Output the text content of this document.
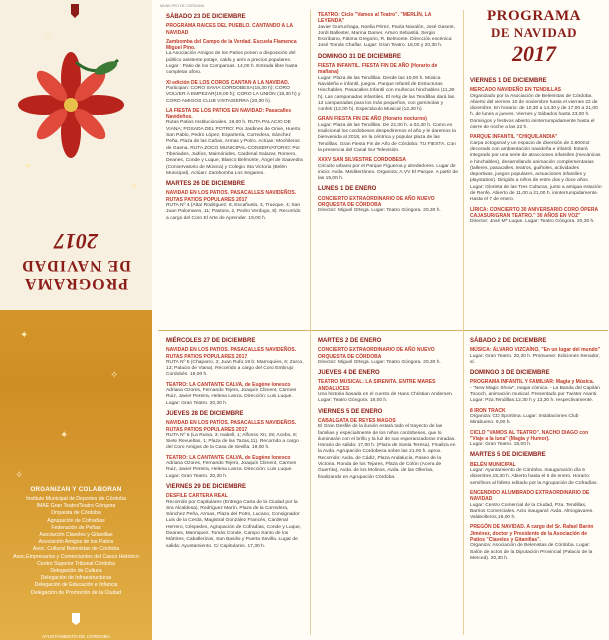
PROGRAMA DE NAVIDAD
2017
✦
✦
✧
✦
✧
✦
✧
ORGANIZAN Y COLABORAN
Instituto Municipal de Deportes de Córdoba
IMAE Gran Teatro/Teatro Góngora
Orquesta de Córdoba
Agrupación de Cofradías
Federación de Peñas
Asociación Claveles y Gitanillas
Asociación Amigos de los Patios
Asoc. Cultural Belenistas de Córdoba
Asoc.Empresarios y Comerciantes del Casco Histórico
Centro Superior Tribunal Córdoba
Delegación de Cultura
Delegación de Infraestructuras
Delegación de Educación e Infancia
Delegación de Promoción de la Ciudad
AYUNTAMIENTO DE CÓRDOBA
MUNICIPIO DE CÓRDOBA
PROGRAMA
DE NAVIDAD
2017
SÁBADO 23 DE DICIEMBRE
PROGRAMA RAICES DEL PUEBLO. CANTANDO A LA NAVIDAD
Zambomba del Campo de la Verdad. Escuela Flamenca Miguel Pino.

La Asociación Amigos de los Patios ponen a disposición del público asistente potaje, caldo y anís a precios populares. Lugar : Patio de los Comparsas. 14,00 h. Entrada libre hasta completar aforo.

XI edición DE LOS COROS CANTAN A LA NAVIDAD.

Participan: CORO SAVIA CORDOBESA(18,30 h); CORO VOLVER A EMPEZAR(19,00 h); CORO LA UNIÓN (19,30 h) y CORO AMIGOS CLUB VISTASIERRA (20,00 h).

LA FIESTA DE LOS PATIOS EN NAVIDAD: Pasacalles Navideños.

Rutas Patios Institucionales. 19,00 h. RUTA PALACIO DE VIANA; POSADA DEL POTRO; Por Jardines de Orive, Huerto San Pablo, Pedro López, Espartería, Corredera, Sánchez Peña, Plaza de las Cañas, Armas y Potro. Actúan: Mochileros de Gaena. RUTA ZOCO MUNICIPAL-CONSERVATORIO: Por Tiberiades, Judíos, Maimónides, Cardenal Salazar, Romero, Deanes, Conde y Luque, Blanco Belmonte, Ángel de Saavedra (Conservatorio de Música) y Colegio Sta Victoria (Belén Municipal). Actúan: Zambomba Los Seganes.

MARTES 26 DE DICIEMBRE
NAVIDAD EN LOS PATIOS. PASACALLES NAVIDEÑOS. RUTAS PATIOS POPULARES 2017

RUTA Nº 4 (Alta/ Rodríguez; 8, Escañuela, 3, Trueque, 4; San Juan Palomares, 11; Pastora, 2, Pedro Verdugo, 8). Recorrido a cargo del Coro El Arte de Aprender. 19,00 h.

TEATRO: Ciclo "Vamos al Teatro". "MERLÍN, LA LEYENDA"

Javier Gurruchaga, Noelia Pérez, Paola Navalón, José Gasent, Jordi Ballester, Marina Damer, Arturo Sebastiá, Sergio Escribano, Fátima Gregorio, R. Belmonte. Dirección escénica: José Tomás Chaflar. Lugar: Gran Teatro. 18,00 y 20,30 h.

DOMINGO 31 DE DICIEMBRE
FIESTA INFANTIL. FIESTA FIN DE AÑO (Horario de mañana)

Lugar: Plaza de las Tendillas. Desde las 10,00 h. Música Navideña e infantil, juegos. Parque Infantil de Estructuras Hinchables. Pasacalles Infantil con muñecos hinchables (11,30 h). Las campanadas infantiles. El reloj de las Tendillas dará las 12 campanadas para los más pequeños, con gominolas y confeti (12,00 h). Espectáculo Musical (12,30 h).

GRAN FIESTA FIN DE AÑO (Horario nocturno)

Lugar: Plaza de las Tendillas. De 22,30 h. a 02,30 h. Como es tradicional los cordobeses despediremos el año y le daremos la bienvenida al 2018, en la céntrica y popular plaza de las Tendillas. Gran Fiesta Fin de Año de Córdoba: TU FIESTA. Con la presencia del Canal Sur Televisión.

XXXV SAN SILVESTRE CORDOBESA

Circuito urbano por el Parque Figueroa y alrededores. Lugar de inicio: Avda. Mediterráneo. Organiza: A.VV El Parque. A partir de las 15,00 h.

LUNES 1 DE ENERO
CONCIERTO EXTRAORDINARIO DE AÑO NUEVO ORQUESTA DE CÓRDOBA

Director: Miguel Ortega. Lugar: Teatro Góngora. 20,30 h.

VIERNES 1 DE DICIEMBRE
MERCADO NAVIDEÑO EN TENDILLAS

Organizado por la Asociación de Belenistas de Córdoba. Abierto del viernes 10 de noviembre hasta el viernes 22 de diciembre. En horario: de 10,30 a 14,30 y de 17,00 a 21,00 h. de lunes a jueves. Viernes y Sábados hasta 23,00 h. Domingos y festivos abierto ininterrumpidamente hasta el cierre de noche a las 22 h.

PARQUE INFANTIL "CHIQUILANDIA"

Carpa octogonal y un espacio de diversión de 2.800m2 decorado con ambientación navideña e infantil. Estará integrado por una serie de atracciones infantiles (mecánicas e hinchables), desarrollando animación complementarias (talleres, pasacalles, teatros, guiñoles, actividades deportivas, juegos populares, actuaciones infantiles y playstation). Dirigido a niños de entre dos y doce años. Lugar: Glorieta de las Tres Culturas, junto a antigua estación de Renfe. Abierto de 11,00 a 21,00 h. ininterrumpidamente. Hasta el 7 de enero.

LÍRICA: CONCIERTO 30 ANIVERSARIO CORO ÓPERA CAJASUR/GRAN TEATRO." 30 AÑOS EN VOZ"

Director: José Mª Luque. Lugar: Teatro Góngora. 20,30 h.

MIÉRCOLES 27 DE DICIEMBRE
NAVIDAD EN LOS PATIOS. PASACALLES NAVIDEÑOS. RUTAS PATIOS POPULARES 2017

RUTA Nº 5 (Chaparro, 3; Juan Rufo,19 b; Marroquíes, 6; Zarco, 13; Palacio de Viana). Recorrido a cargo del Coro Embrujo Cordobés. 19,00 h.

TEATRO: LA CANTANTE CALVA, de Eugène Ionesco

Adriana Ozores, Fernando Tejero, Joaquín Climent, Carmen Ruiz, Javier Pereira, Helena Lanza. Dirección: Luis Luque. Lugar: Gran Teatro. 20,30 h.

JUEVES 28 DE DICIEMBRE
NAVIDAD EN LOS PATIOS. PASACALLES NAVIDEÑOS. RUTAS PATIOS POPULARES 2017

RUTA Nº 6 (La Ruina, 3; Isabell, 1; Alfonso XII, 29; Acebo, 8; Siete Revueltas, 1; Plaza de las Tazas,11). Recorrido a cargo del Coro Amigos de la Casa de Sevilla. 19,00 h.

TEATRO: LA CANTANTE CALVA, de Eugène Ionesco

Adriana Ozores, Fernando Tejero, Joaquín Climent, Carmen Ruiz, Javier Pereira, Helena Lanza. Dirección: Luis Luque. Lugar: Gran Teatro. 20,30 h.

VIERNES 29 DE DICIEMBRE
DESFILE CARTERA REAL

Recorrido por Capitulares (Entrega Carta de la Ciudad por la Sra Alcaldesa), Rodríguez Marín, Plaza de la Corredera, Sánchez Peña, Armas, Plaza del Potro, Lucano, Consignador Luis de la Cerda, Magistral González Francés, Cardenal Herrero, Céspedes, Agrupación de Cofradías, Conde y Luque, Deanes, Manriquez, Tomás Conde, Campo Santo de los Mártires, Caballerizas, San Basilio y Puerta Sevilla. Lugar de salida: Ayuntamiento. C/ Capitulares. 17,30 h.

MARTES 2 DE ENERO
CONCIERTO EXTRAORDINARIO DE AÑO NUEVO ORQUESTA DE CÓRDOBA

Director: Miguel Ortega. Lugar: Teatro Góngora. 20,30 h.

JUEVES 4 DE ENERO
TEATRO MUSICAL: LA SIRENITA. ENTRE MARES ANDALUCES

Una historia basada en el cuento de Hans Christian Andersen. Lugar: Teatro Góngora. 19,00 h.

VIERNES 5 DE ENERO
CABALGATA DE REYES MAGOS

El Gran Desfile de la ilusión estará todo el trayecto de las familias y especialmente de los niños cordobeses, que lo iluminarán con el brillo y la luz de sus esperanzadoras miradas. Horario de salida: 17,00 h. (Plaza de Santa Teresa). Finaliza en la Avda. Agrupación Cordobesa sobre las 21,00 h. aprox. Recorrido: Avda. de Cádiz, Plaza Andalucía, Paseo de la Victoria, Ronda de los Tejares, Plaza de Colón (Acera de Guerrita), Avda. de los Molinos, Avda. de las Ollerías, finalizando en Agrupación Córdoba.

SÁBADO 2 DE DICIEMBRE
MÚSICA: ÁLVARO VIZCAÍNO. "En un lugar del mundo"

Lugar: Gran Teatro. 20,30 h. Promueve: Ediciones Senador, sl.

DOMINGO 3 DE DICIEMBRE
PROGRAMA INFANTIL Y FAMILIAR: Magia y Música.

- "New Magic Show", magia cómica. - La Banda del Capitán Toooch, animación musical. Presentado por Twister Asanti. Lugar: Pza.Tendillas.12,30 h y 13,30 h. respectivamente.

8 IRON TRACK

Organiza: CD Sportima. Lugar: Instalaciones Club Mirabueno. 9,00 h.

CICLO "VAMOS AL TEATRO". NACHO DIAGO con "Viaje a la luna" (Magia y Humor).

Lugar: Gran Teatro. 18,00 h.

MARTES 5 DE DICIEMBRE
BELÉN MUNICIPAL

Lugar: Ayuntamiento de Córdoba. Inauguración día 5 diciembre,19,30 h. Abierto hasta el 6 de enero. Horario: semifinos al folleto editado por la Agrupación de Cofradías.

ENCENDIDO ALUMBRADO EXTRAORDINARIO DE NAVIDAD

Lugar: Centro Comercial de la Ciudad, Pza. Tendillas, Barrios Comerciales. Acto inaugural: Avda. Almogavares. Valdeolleros,19,00 h.

PREGÓN DE NAVIDAD. A cargo del Sr. Rafael Barón Jiménez, doctor y Presidente de la Asociación de Patios "Claveles y Gitanillas".

Organiza: Asociación de Belenistas de Córdoba. Lugar: Salón de actos de la Diputación Provincial (Palacio de la Merced). 20,30 h.
